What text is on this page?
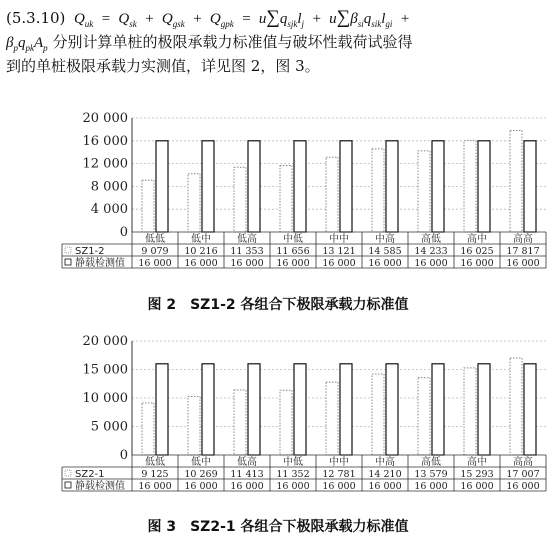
(5.3.10)  $Q_{uk} = Q_{sk} + Q_{gsk} + Q_{gpk} = u\sum q_{sjk}l_j + u\sum\beta_{si}q_{sik}l_{gi}$  +
$\beta_pq_{pk}A_p$ 分别计算单桩的极限承载力标准值与破坏性载荷试验得
到的单桩极限承载力实测值，详见图 2，图 3。
0
4 000
8 000
12 000
16 000
20 000
低低
9 079
16 000
低中
10 216
16 000
低高
11 353
16 000
中低
11 656
16 000
中中
13 121
16 000
中高
14 585
16 000
高低
14 233
16 000
高中
16 025
16 000
高高
17 817
16 000
SZ1-2
静载检测值
图 2　SZ1-2 各组合下极限承载力标准值
0
5 000
10 000
15 000
20 000
低低
9 125
16 000
低中
10 269
16 000
低高
11 413
16 000
中低
11 352
16 000
中中
12 781
16 000
中高
14 210
16 000
高低
13 579
16 000
高中
15 293
16 000
高高
17 007
16 000
SZ2-1
静载检测值
图 3　SZ2-1 各组合下极限承载力标准值
